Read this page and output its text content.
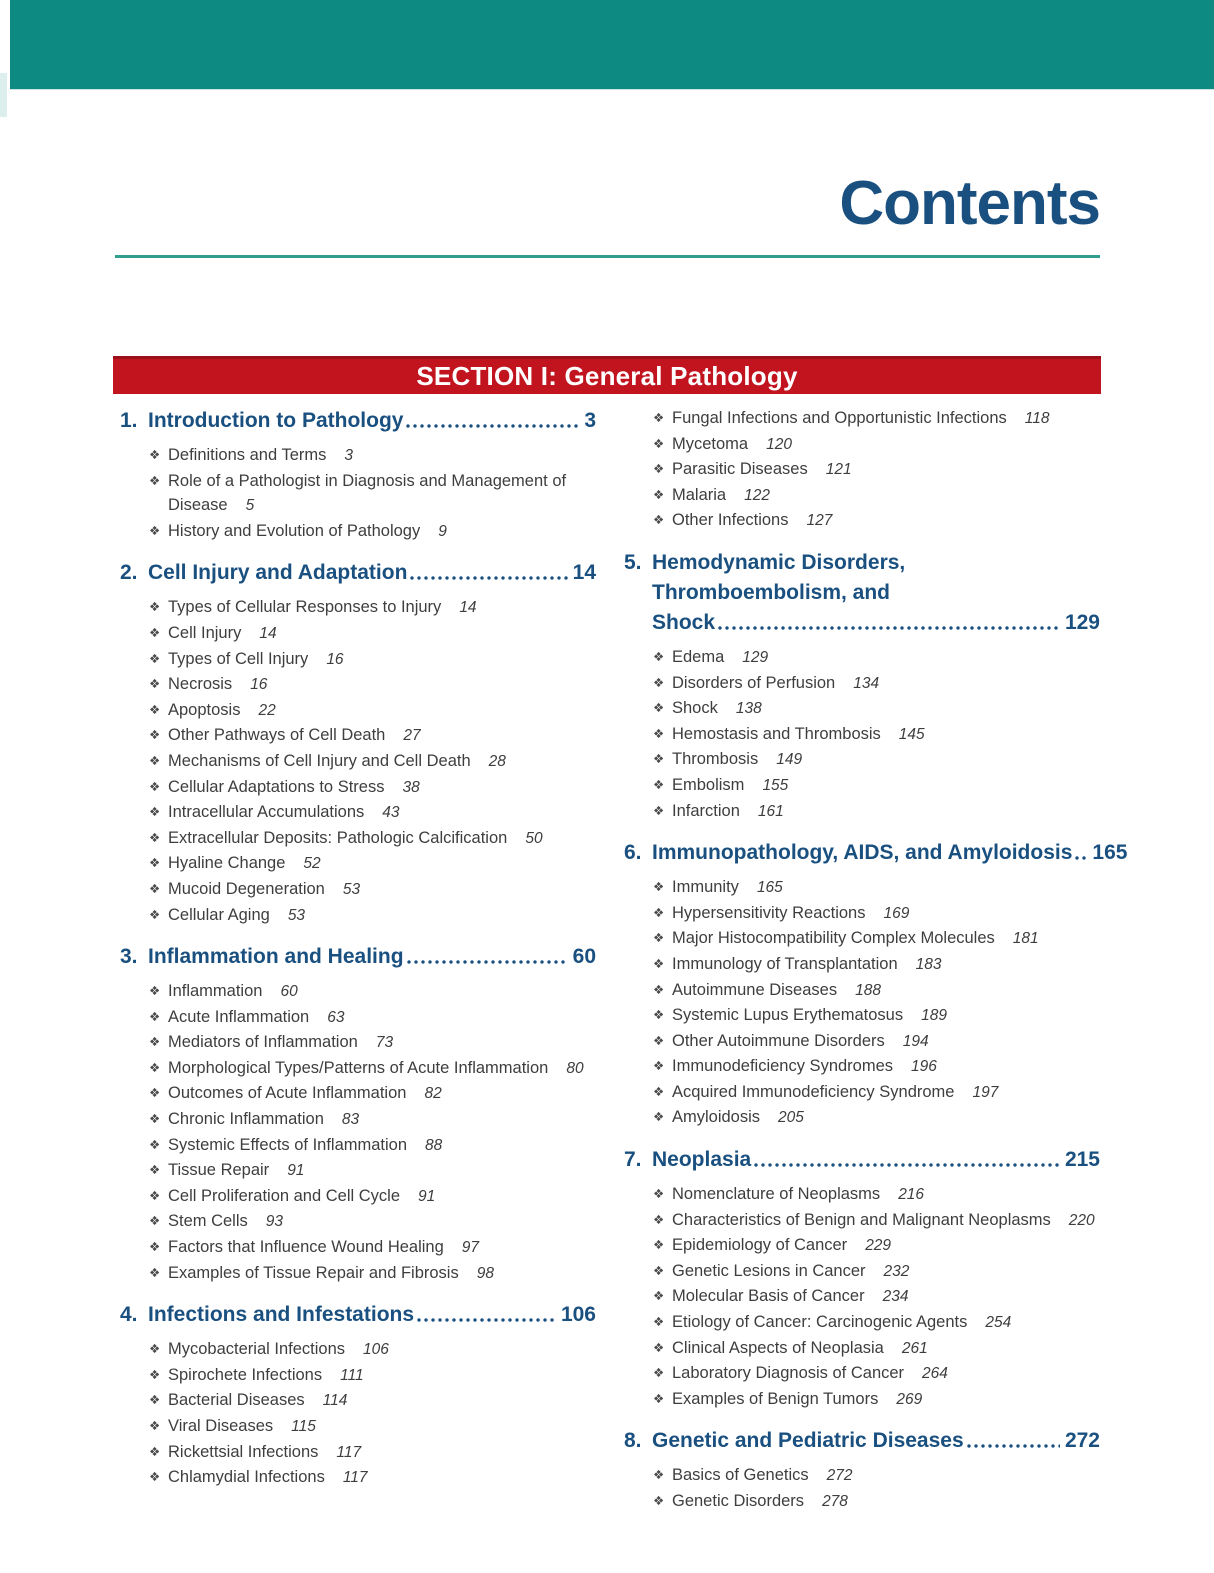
Contents
SECTION I: General Pathology
1. Introduction to Pathology	3
❖ Definitions and Terms 3
❖ Role of a Pathologist in Diagnosis and Management of Disease 5
❖ History and Evolution of Pathology 9
2. Cell Injury and Adaptation	14
❖ Types of Cellular Responses to Injury 14
❖ Cell Injury 14
❖ Types of Cell Injury 16
❖ Necrosis 16
❖ Apoptosis 22
❖ Other Pathways of Cell Death 27
❖ Mechanisms of Cell Injury and Cell Death 28
❖ Cellular Adaptations to Stress 38
❖ Intracellular Accumulations 43
❖ Extracellular Deposits: Pathologic Calcification 50
❖ Hyaline Change 52
❖ Mucoid Degeneration 53
❖ Cellular Aging 53
3. Inflammation and Healing	60
❖ Inflammation 60
❖ Acute Inflammation 63
❖ Mediators of Inflammation 73
❖ Morphological Types/Patterns of Acute Inflammation 80
❖ Outcomes of Acute Inflammation 82
❖ Chronic Inflammation 83
❖ Systemic Effects of Inflammation 88
❖ Tissue Repair 91
❖ Cell Proliferation and Cell Cycle 91
❖ Stem Cells 93
❖ Factors that Influence Wound Healing 97
❖ Examples of Tissue Repair and Fibrosis 98
4. Infections and Infestations	106
❖ Mycobacterial Infections 106
❖ Spirochete Infections 111
❖ Bacterial Diseases 114
❖ Viral Diseases 115
❖ Rickettsial Infections 117
❖ Chlamydial Infections 117
❖ Fungal Infections and Opportunistic Infections 118
❖ Mycetoma 120
❖ Parasitic Diseases 121
❖ Malaria 122
❖ Other Infections 127
5. Hemodynamic Disorders, Thromboembolism, and
Shock	129
❖ Edema 129
❖ Disorders of Perfusion 134
❖ Shock 138
❖ Hemostasis and Thrombosis 145
❖ Thrombosis 149
❖ Embolism 155
❖ Infarction 161
6. Immunopathology, AIDS, and Amyloidosis 165
❖ Immunity 165
❖ Hypersensitivity Reactions 169
❖ Major Histocompatibility Complex Molecules 181
❖ Immunology of Transplantation 183
❖ Autoimmune Diseases 188
❖ Systemic Lupus Erythematosus 189
❖ Other Autoimmune Disorders 194
❖ Immunodeficiency Syndromes 196
❖ Acquired Immunodeficiency Syndrome 197
❖ Amyloidosis 205
7. Neoplasia	215
❖ Nomenclature of Neoplasms 216
❖ Characteristics of Benign and Malignant Neoplasms 220
❖ Epidemiology of Cancer 229
❖ Genetic Lesions in Cancer 232
❖ Molecular Basis of Cancer 234
❖ Etiology of Cancer: Carcinogenic Agents 254
❖ Clinical Aspects of Neoplasia 261
❖ Laboratory Diagnosis of Cancer 264
❖ Examples of Benign Tumors 269
8. Genetic and Pediatric Diseases	272
❖ Basics of Genetics 272
❖ Genetic Disorders 278
